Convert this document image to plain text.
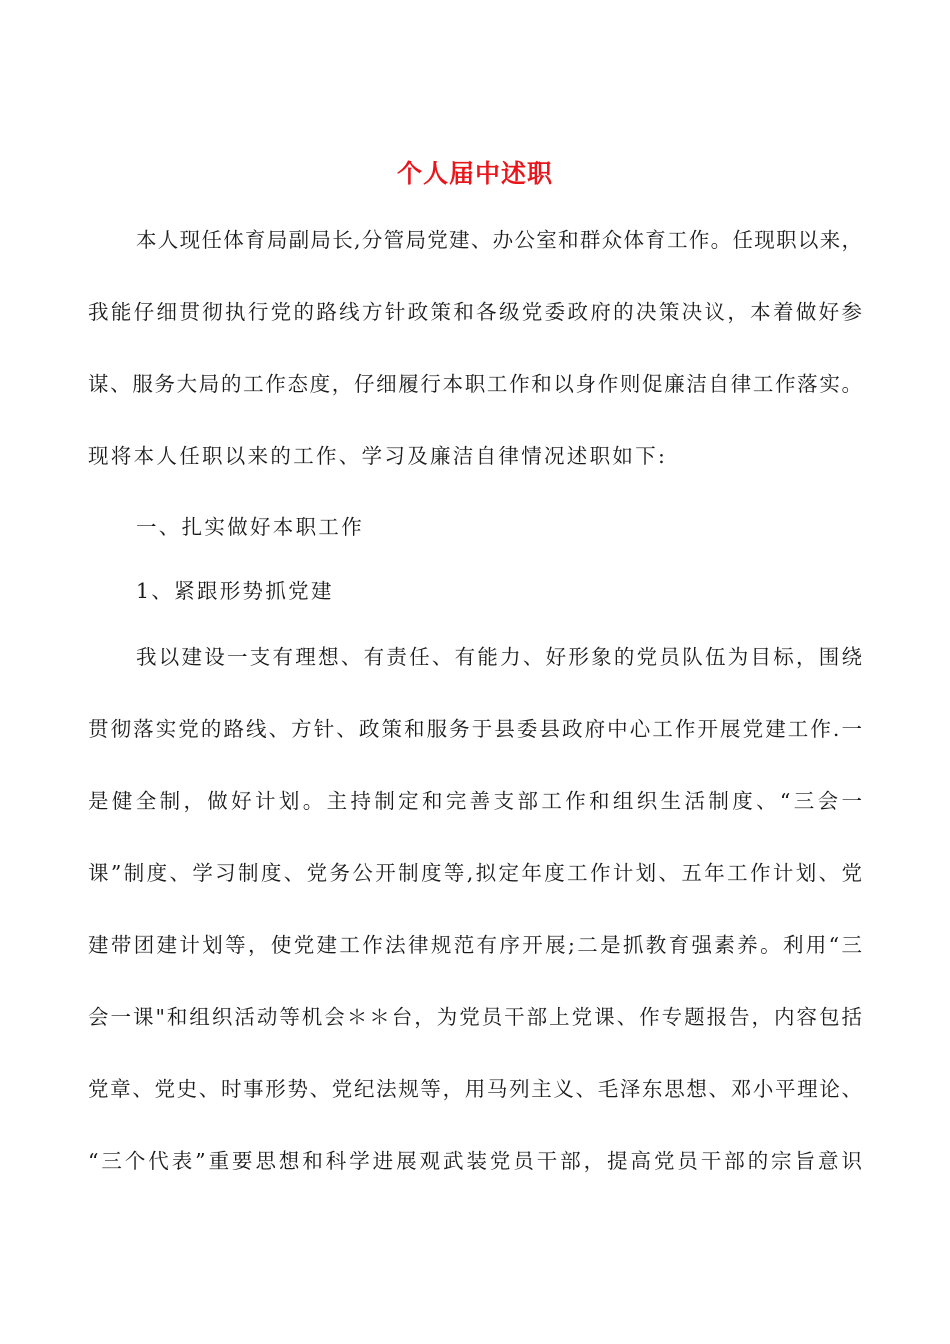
个人届中述职
本人现任体育局副局长,分管局党建、办公室和群众体育工作。任现职以来，
我能仔细贯彻执行党的路线方针政策和各级党委政府的决策决议，本着做好参
谋、服务大局的工作态度，仔细履行本职工作和以身作则促廉洁自律工作落实。
现将本人任职以来的工作、学习及廉洁自律情况述职如下:
一、扎实做好本职工作
1、紧跟形势抓党建
我以建设一支有理想、有责任、有能力、好形象的党员队伍为目标，围绕
贯彻落实党的路线、方针、政策和服务于县委县政府中心工作开展党建工作.一
是健全制，做好计划。主持制定和完善支部工作和组织生活制度、“三会一
课”制度、学习制度、党务公开制度等,拟定年度工作计划、五年工作计划、党
建带团建计划等，使党建工作法律规范有序开展;二是抓教育强素养。利用“三
会一课"和组织活动等机会＊＊台，为党员干部上党课、作专题报告，内容包括
党章、党史、时事形势、党纪法规等，用马列主义、毛泽东思想、邓小平理论、
“三个代表”重要思想和科学进展观武装党员干部，提高党员干部的宗旨意识
